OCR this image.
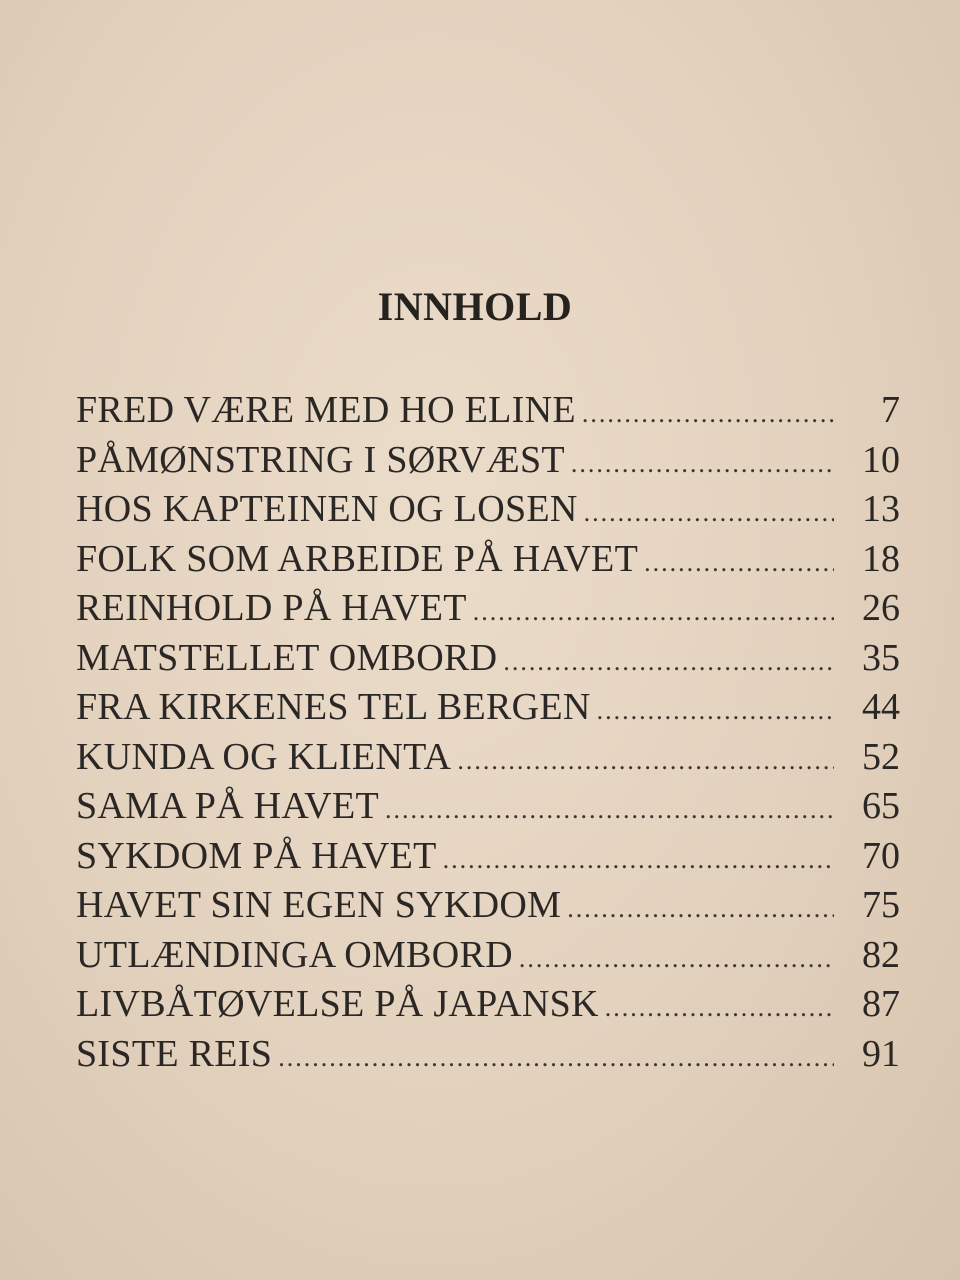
INNHOLD
FRED VÆRE MED HO ELINE .....	7
PÅMØNSTRING I SØRVÆST .....	10
HOS KAPTEINEN OG LOSEN .....	13
FOLK SOM ARBEIDE PÅ HAVET .....	18
REINHOLD PÅ HAVET .....	26
MATSTELLET OMBORD .....	35
FRA KIRKENES TEL BERGEN .....	44
KUNDA OG KLIENTA .....	52
SAMA PÅ HAVET .....	65
SYKDOM PÅ HAVET .....	70
HAVET SIN EGEN SYKDOM .....	75
UTLÆNDINGA OMBORD .....	82
LIVBÅTØVELSE PÅ JAPANSK .....	87
SISTE REIS .....	91
